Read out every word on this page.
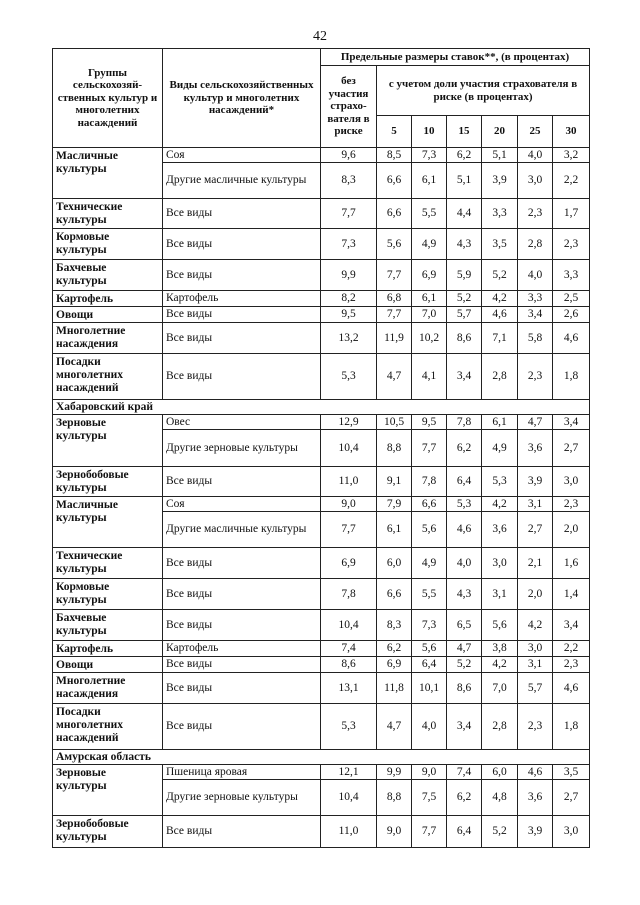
42
Группы сельскохозяй-ственных культур и многолетних насаждений	Виды сельскохозяйственных культур и многолетних насаждений*	Предельные размеры ставок**, (в процентах)						
		без участия страхо-вателя в риске	с учетом доли участия страхователя в риске (в процентах)					
			5	10	15	20	25	30
Масличные культуры	Соя	9,6	8,5	7,3	6,2	5,1	4,0	3,2
	Другие масличные культуры	8,3	6,6	6,1	5,1	3,9	3,0	2,2
Технические культуры	Все виды	7,7	6,6	5,5	4,4	3,3	2,3	1,7
Кормовые культуры	Все виды	7,3	5,6	4,9	4,3	3,5	2,8	2,3
Бахчевые культуры	Все виды	9,9	7,7	6,9	5,9	5,2	4,0	3,3
Картофель	Картофель	8,2	6,8	6,1	5,2	4,2	3,3	2,5
Овощи	Все виды	9,5	7,7	7,0	5,7	4,6	3,4	2,6
Многолетние насаждения	Все виды	13,2	11,9	10,2	8,6	7,1	5,8	4,6
Посадки многолетних насаждений	Все виды	5,3	4,7	4,1	3,4	2,8	2,3	1,8
Хабаровский край								
Зерновые культуры	Овес	12,9	10,5	9,5	7,8	6,1	4,7	3,4
	Другие зерновые культуры	10,4	8,8	7,7	6,2	4,9	3,6	2,7
Зернобобовые культуры	Все виды	11,0	9,1	7,8	6,4	5,3	3,9	3,0
Масличные культуры	Соя	9,0	7,9	6,6	5,3	4,2	3,1	2,3
	Другие масличные культуры	7,7	6,1	5,6	4,6	3,6	2,7	2,0
Технические культуры	Все виды	6,9	6,0	4,9	4,0	3,0	2,1	1,6
Кормовые культуры	Все виды	7,8	6,6	5,5	4,3	3,1	2,0	1,4
Бахчевые культуры	Все виды	10,4	8,3	7,3	6,5	5,6	4,2	3,4
Картофель	Картофель	7,4	6,2	5,6	4,7	3,8	3,0	2,2
Овощи	Все виды	8,6	6,9	6,4	5,2	4,2	3,1	2,3
Многолетние насаждения	Все виды	13,1	11,8	10,1	8,6	7,0	5,7	4,6
Посадки многолетних насаждений	Все виды	5,3	4,7	4,0	3,4	2,8	2,3	1,8
Амурская область								
Зерновые культуры	Пшеница яровая	12,1	9,9	9,0	7,4	6,0	4,6	3,5
	Другие зерновые культуры	10,4	8,8	7,5	6,2	4,8	3,6	2,7
Зернобобовые культуры	Все виды	11,0	9,0	7,7	6,4	5,2	3,9	3,0
